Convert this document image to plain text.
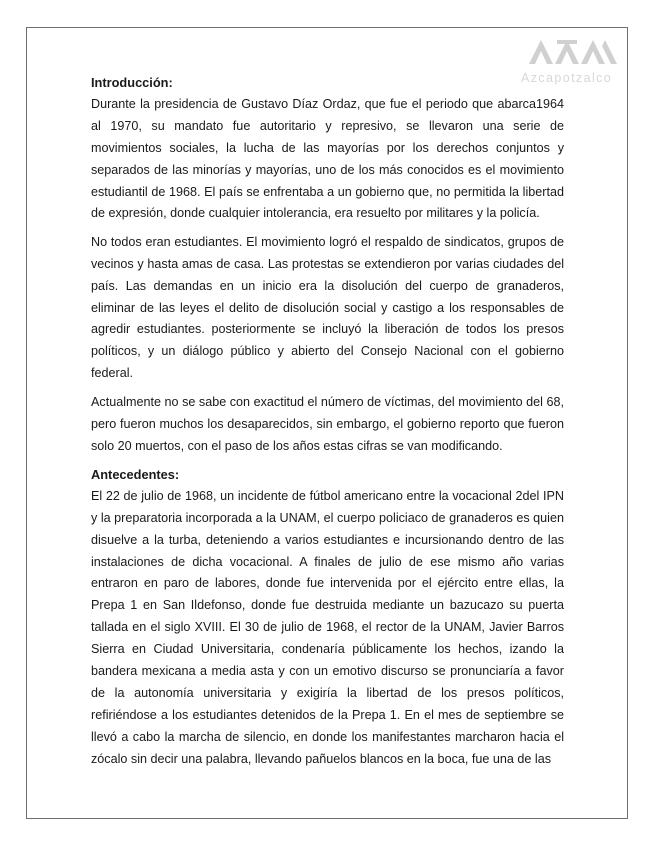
Azcapotzalco
Introducción:

Durante la presidencia de Gustavo Díaz Ordaz, que fue el periodo que abarca1964 al 1970, su mandato fue autoritario y represivo, se llevaron una serie de movimientos sociales, la lucha de las mayorías por los derechos conjuntos y separados de las minorías y mayorías, uno de los más conocidos es el movimiento estudiantil de 1968. El país se enfrentaba a un gobierno que, no permitida la libertad de expresión, donde cualquier intolerancia, era resuelto por militares y la policía.

No todos eran estudiantes. El movimiento logró el respaldo de sindicatos, grupos de vecinos y hasta amas de casa. Las protestas se extendieron por varias ciudades del país. Las demandas en un inicio era la disolución del cuerpo de granaderos, eliminar de las leyes el delito de disolución social y castigo a los responsables de agredir estudiantes. posteriormente se incluyó la liberación de todos los presos políticos, y un diálogo público y abierto del Consejo Nacional con el gobierno federal.

Actualmente no se sabe con exactitud el número de víctimas, del movimiento del 68, pero fueron muchos los desaparecidos, sin embargo, el gobierno reporto que fueron solo 20 muertos, con el paso de los años estas cifras se van modificando.

Antecedentes:

El 22 de julio de 1968, un incidente de fútbol americano entre la vocacional 2del IPN y la preparatoria incorporada a la UNAM, el cuerpo policiaco de granaderos es quien disuelve a la turba, deteniendo a varios estudiantes e incursionando dentro de las instalaciones de dicha vocacional. A finales de julio de ese mismo año varias entraron en paro de labores, donde fue intervenida por el ejército entre ellas, la Prepa 1 en San Ildefonso, donde fue destruida mediante un bazucazo su puerta tallada en el siglo XVIII. El 30 de julio de 1968, el rector de la UNAM, Javier Barros Sierra en Ciudad Universitaria, condenaría públicamente los hechos, izando la bandera mexicana a media asta y con un emotivo discurso se pronunciaría a favor de la autonomía universitaria y exigiría la libertad de los presos políticos, refiriéndose a los estudiantes detenidos de la Prepa 1. En el mes de septiembre se llevó a cabo la marcha de silencio, en donde los manifestantes marcharon hacia el zócalo sin decir una palabra, llevando pañuelos blancos en la boca, fue una de las
